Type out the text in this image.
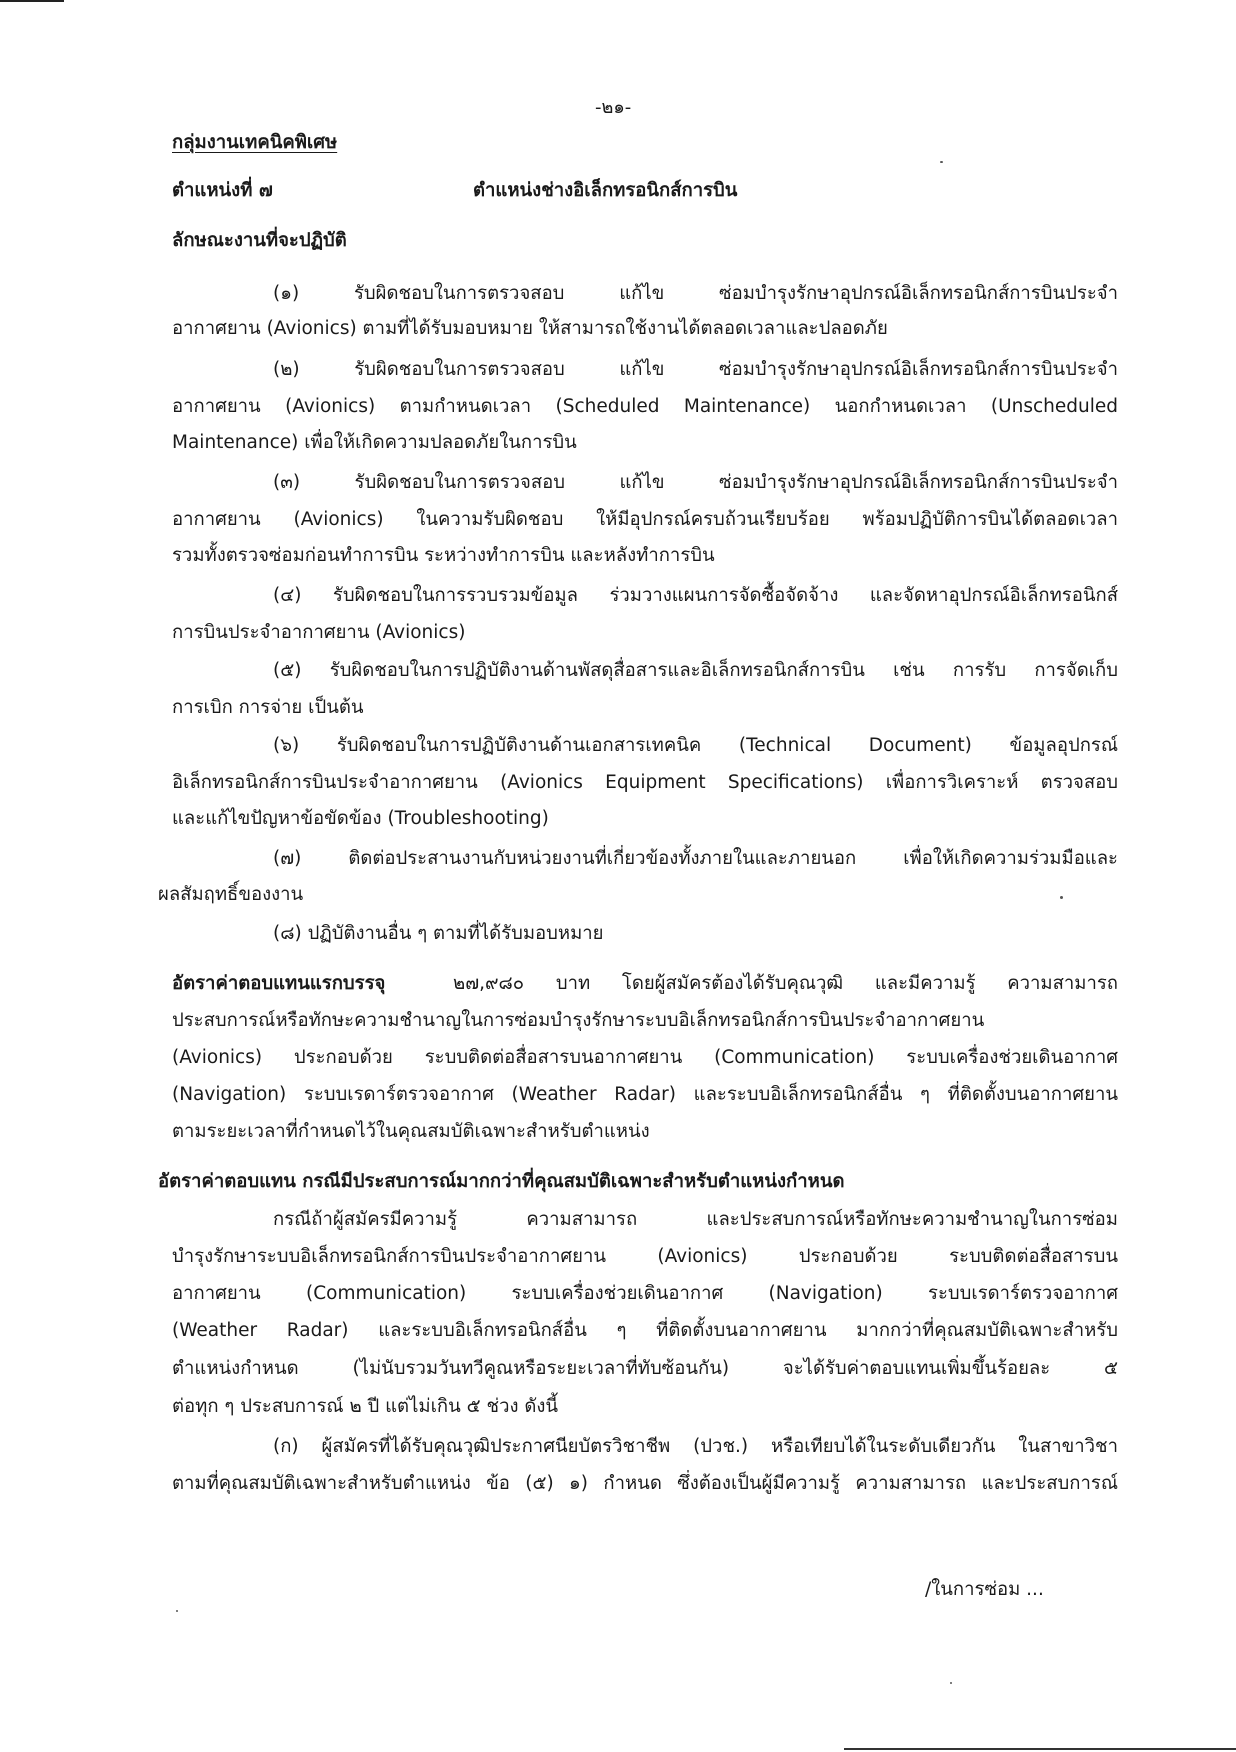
-๒๑-
กลุ่มงานเทคนิคพิเศษ
ตำแหน่งที่ ๗	ตำแหน่งช่างอิเล็กทรอนิกส์การบิน
ลักษณะงานที่จะปฏิบัติ
(๑) รับผิดชอบในการตรวจสอบ แก้ไข ซ่อมบำรุงรักษาอุปกรณ์อิเล็กทรอนิกส์การบินประจำ
อากาศยาน (Avionics) ตามที่ได้รับมอบหมาย ให้สามารถใช้งานได้ตลอดเวลาและปลอดภัย
(๒) รับผิดชอบในการตรวจสอบ แก้ไข ซ่อมบำรุงรักษาอุปกรณ์อิเล็กทรอนิกส์การบินประจำ
อากาศยาน (Avionics) ตามกำหนดเวลา (Scheduled Maintenance) นอกกำหนดเวลา (Unscheduled
Maintenance) เพื่อให้เกิดความปลอดภัยในการบิน
(๓) รับผิดชอบในการตรวจสอบ แก้ไข ซ่อมบำรุงรักษาอุปกรณ์อิเล็กทรอนิกส์การบินประจำ
อากาศยาน (Avionics) ในความรับผิดชอบ ให้มีอุปกรณ์ครบถ้วนเรียบร้อย พร้อมปฏิบัติการบินได้ตลอดเวลา
รวมทั้งตรวจซ่อมก่อนทำการบิน ระหว่างทำการบิน และหลังทำการบิน
(๔) รับผิดชอบในการรวบรวมข้อมูล ร่วมวางแผนการจัดซื้อจัดจ้าง และจัดหาอุปกรณ์อิเล็กทรอนิกส์
การบินประจำอากาศยาน (Avionics)
(๕) รับผิดชอบในการปฏิบัติงานด้านพัสดุสื่อสารและอิเล็กทรอนิกส์การบิน เช่น การรับ การจัดเก็บ
การเบิก การจ่าย เป็นต้น
(๖) รับผิดชอบในการปฏิบัติงานด้านเอกสารเทคนิค (Technical Document) ข้อมูลอุปกรณ์
อิเล็กทรอนิกส์การบินประจำอากาศยาน (Avionics Equipment Specifications) เพื่อการวิเคราะห์ ตรวจสอบ
และแก้ไขปัญหาข้อขัดข้อง (Troubleshooting)
(๗) ติดต่อประสานงานกับหน่วยงานที่เกี่ยวข้องทั้งภายในและภายนอก เพื่อให้เกิดความร่วมมือและ
ผลสัมฤทธิ์ของงาน
(๘) ปฏิบัติงานอื่น ๆ ตามที่ได้รับมอบหมาย
อัตราค่าตอบแทนแรกบรรจุ	๒๗,๙๘๐ บาท โดยผู้สมัครต้องได้รับคุณวุฒิ และมีความรู้ ความสามารถ
ประสบการณ์หรือทักษะความชำนาญในการซ่อมบำรุงรักษาระบบอิเล็กทรอนิกส์การบินประจำอากาศยาน
(Avionics) ประกอบด้วย ระบบติดต่อสื่อสารบนอากาศยาน (Communication) ระบบเครื่องช่วยเดินอากาศ
(Navigation) ระบบเรดาร์ตรวจอากาศ (Weather Radar) และระบบอิเล็กทรอนิกส์อื่น ๆ ที่ติดตั้งบนอากาศยาน
ตามระยะเวลาที่กำหนดไว้ในคุณสมบัติเฉพาะสำหรับตำแหน่ง
อัตราค่าตอบแทน กรณีมีประสบการณ์มากกว่าที่คุณสมบัติเฉพาะสำหรับตำแหน่งกำหนด
กรณีถ้าผู้สมัครมีความรู้ ความสามารถ และประสบการณ์หรือทักษะความชำนาญในการซ่อม
บำรุงรักษาระบบอิเล็กทรอนิกส์การบินประจำอากาศยาน (Avionics) ประกอบด้วย ระบบติดต่อสื่อสารบน
อากาศยาน (Communication) ระบบเครื่องช่วยเดินอากาศ (Navigation) ระบบเรดาร์ตรวจอากาศ
(Weather Radar) และระบบอิเล็กทรอนิกส์อื่น ๆ ที่ติดตั้งบนอากาศยาน มากกว่าที่คุณสมบัติเฉพาะสำหรับ
ตำแหน่งกำหนด (ไม่นับรวมวันทวีคูณหรือระยะเวลาที่ทับซ้อนกัน) จะได้รับค่าตอบแทนเพิ่มขึ้นร้อยละ ๕
ต่อทุก ๆ ประสบการณ์ ๒ ปี แต่ไม่เกิน ๕ ช่วง ดังนี้
(ก) ผู้สมัครที่ได้รับคุณวุฒิประกาศนียบัตรวิชาชีพ (ปวช.) หรือเทียบได้ในระดับเดียวกัน ในสาขาวิชา
ตามที่คุณสมบัติเฉพาะสำหรับตำแหน่ง ข้อ (๕) ๑) กำหนด ซึ่งต้องเป็นผู้มีความรู้ ความสามารถ และประสบการณ์
/ในการซ่อม ...
